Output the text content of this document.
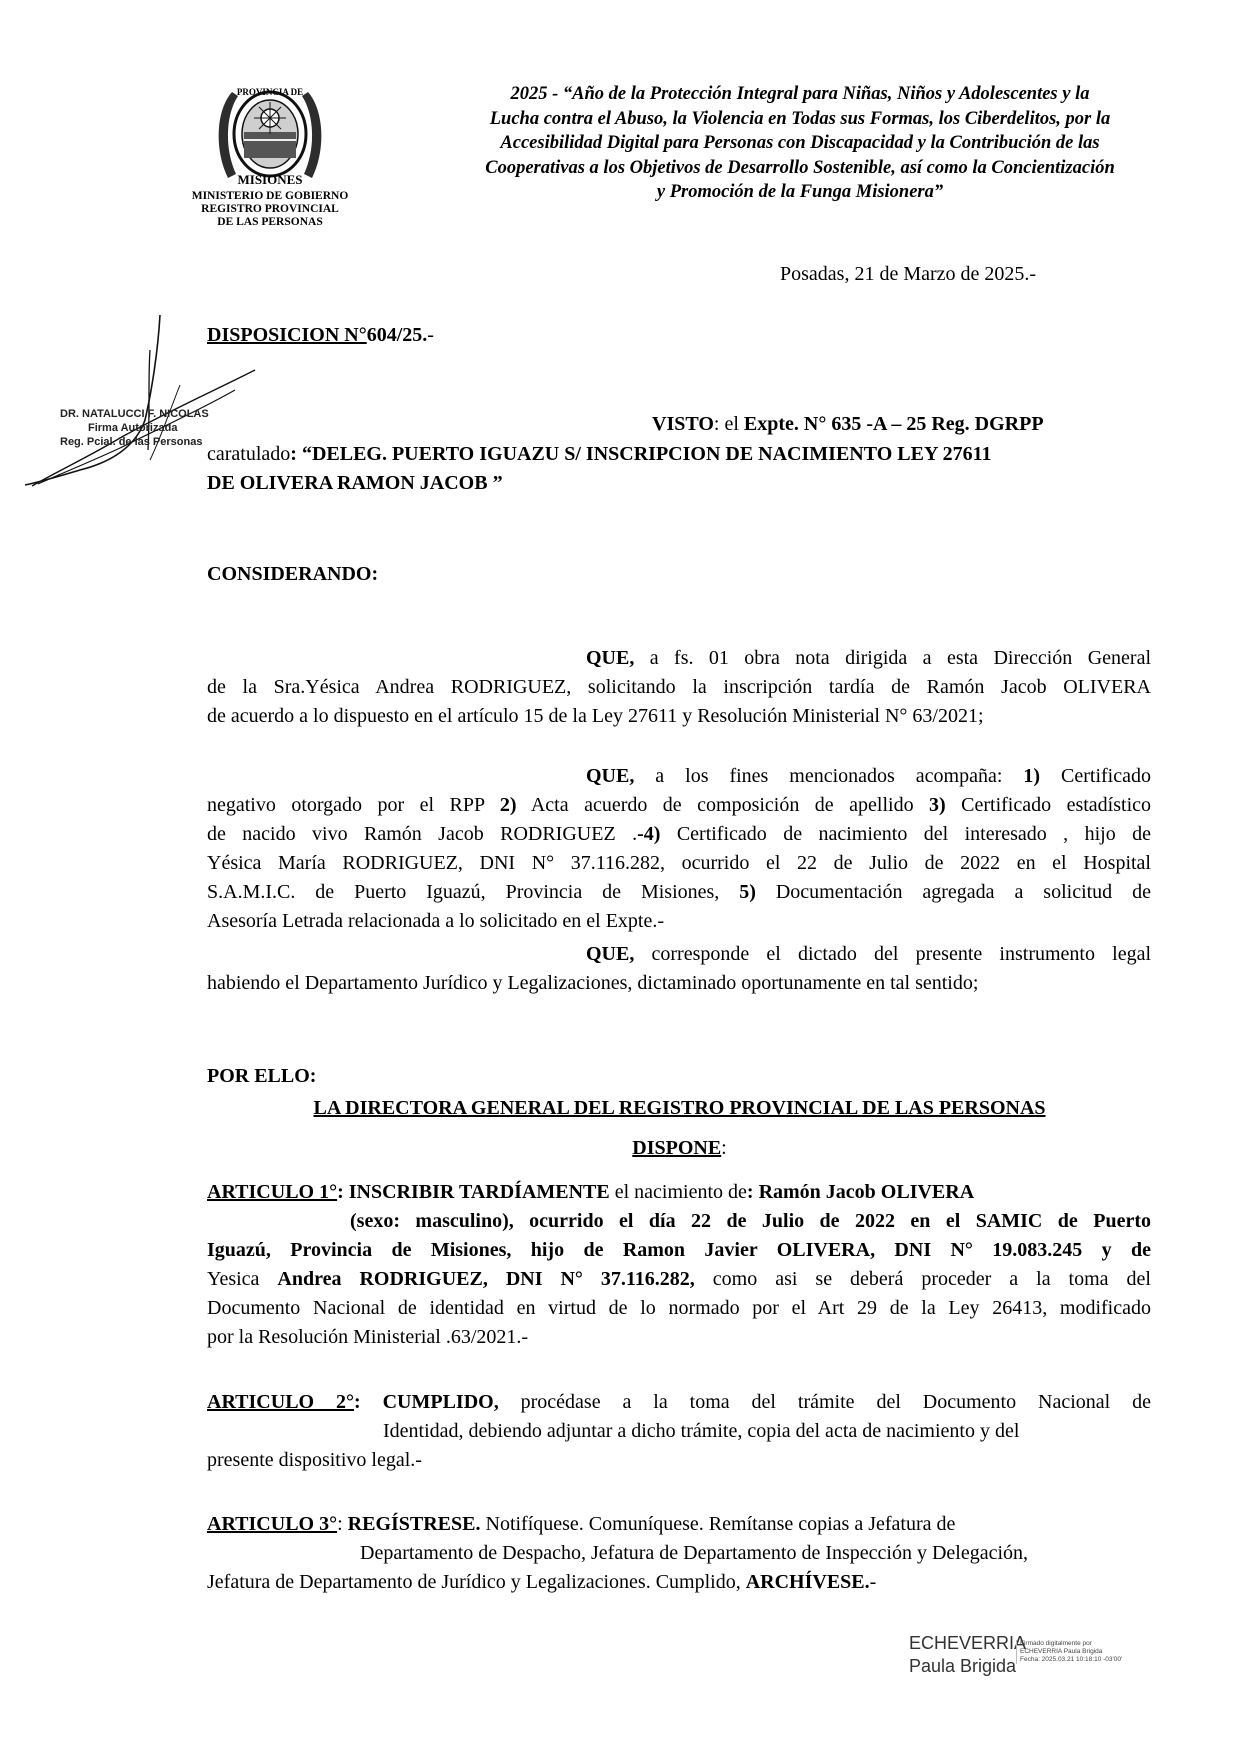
PROVINCIA DE
MISIONES
MINISTERIO DE GOBIERNO
REGISTRO PROVINCIAL
DE LAS PERSONAS
2025 - “Año de la Protección Integral para Niñas, Niños y Adolescentes y la
Lucha contra el Abuso, la Violencia en Todas sus Formas, los Ciberdelitos, por la
Accesibilidad Digital para Personas con Discapacidad y la Contribución de las
Cooperativas a los Objetivos de Desarrollo Sostenible, así como la Concientización
y Promoción de la Funga Misionera”
Posadas, 21 de Marzo de 2025.-
DISPOSICION N°604/25.-
DR. NATALUCCI F. NICOLAS
Firma Autorizada
Reg. Pcial. de las Personas
VISTO: el Expte. N° 635 -A – 25 Reg. DGRPP
caratulado: “DELEG. PUERTO IGUAZU S/ INSCRIPCION DE NACIMIENTO LEY 27611
DE OLIVERA RAMON JACOB ”
CONSIDERANDO:
QUE, a fs. 01 obra nota dirigida a esta Dirección General
de la Sra.Yésica Andrea RODRIGUEZ, solicitando la inscripción tardía de Ramón Jacob OLIVERA
de acuerdo a lo dispuesto en el artículo 15 de la Ley 27611 y Resolución Ministerial N° 63/2021;
QUE, a los fines mencionados acompaña: 1) Certificado
negativo otorgado por el RPP 2) Acta acuerdo de composición de apellido 3) Certificado estadístico
de nacido vivo Ramón Jacob RODRIGUEZ .-4) Certificado de nacimiento del interesado , hijo de
Yésica María RODRIGUEZ, DNI N° 37.116.282, ocurrido el 22 de Julio de 2022 en el Hospital
S.A.M.I.C. de Puerto Iguazú, Provincia de Misiones, 5) Documentación agregada a solicitud de
Asesoría Letrada relacionada a lo solicitado en el Expte.-
QUE, corresponde el dictado del presente instrumento legal
habiendo el Departamento Jurídico y Legalizaciones, dictaminado oportunamente en tal sentido;
POR ELLO:
LA DIRECTORA GENERAL DEL REGISTRO PROVINCIAL DE LAS PERSONAS
DISPONE:
ARTICULO 1°: INSCRIBIR TARDÍAMENTE el nacimiento de: Ramón Jacob OLIVERA
(sexo: masculino), ocurrido el día 22 de Julio de 2022 en el SAMIC de Puerto
Iguazú, Provincia de Misiones, hijo de Ramon Javier OLIVERA, DNI N° 19.083.245 y de
Yesica Andrea RODRIGUEZ, DNI N° 37.116.282, como asi se deberá proceder a la toma del
Documento Nacional de identidad en virtud de lo normado por el Art 29 de la Ley 26413, modificado
por la Resolución Ministerial .63/2021.-
ARTICULO 2°: CUMPLIDO, procédase a la toma del trámite del Documento Nacional de
Identidad, debiendo adjuntar a dicho trámite, copia del acta de nacimiento y del
presente dispositivo legal.-
ARTICULO 3°: REGÍSTRESE. Notifíquese. Comuníquese. Remítanse copias a Jefatura de
Departamento de Despacho, Jefatura de Departamento de Inspección y Delegación,
Jefatura de Departamento de Jurídico y Legalizaciones. Cumplido, ARCHÍVESE.-
ECHEVERRIA
Paula Brigida
Firmado digitalmente por
ECHEVERRIA Paula Brigida
Fecha: 2025.03.21 10:18:10 -03'00'
